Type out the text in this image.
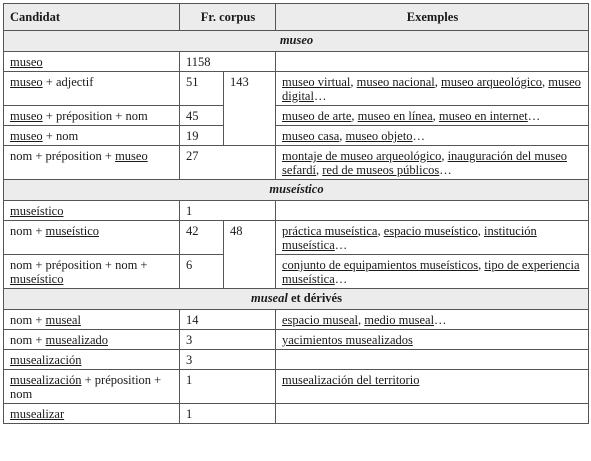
Candidat	Fr. corpus		Exemples
museo			
museo	1158		
museo + adjectif	51	143	museo virtual, museo nacional, museo arqueológico, museo digital…
museo + préposition + nom	45		museo de arte, museo en línea, museo en internet…
museo + nom	19		museo casa, museo objeto…
nom + préposition + museo	27		montaje de museo arqueológico, inauguración del museo sefardí, red de museos públicos…
museístico			
museístico	1		
nom + museístico	42	48	práctica museística, espacio museístico, institución museística…
nom + préposition + nom + museístico	6		conjunto de equipamientos museísticos, tipo de experiencia museística…
museal et dérivés			
nom + museal	14		espacio museal, medio museal…
nom + musealizado	3		yacimientos musealizados
musealización	3		
musealización + préposition + nom	1		musealización del territorio
musealizar	1		
